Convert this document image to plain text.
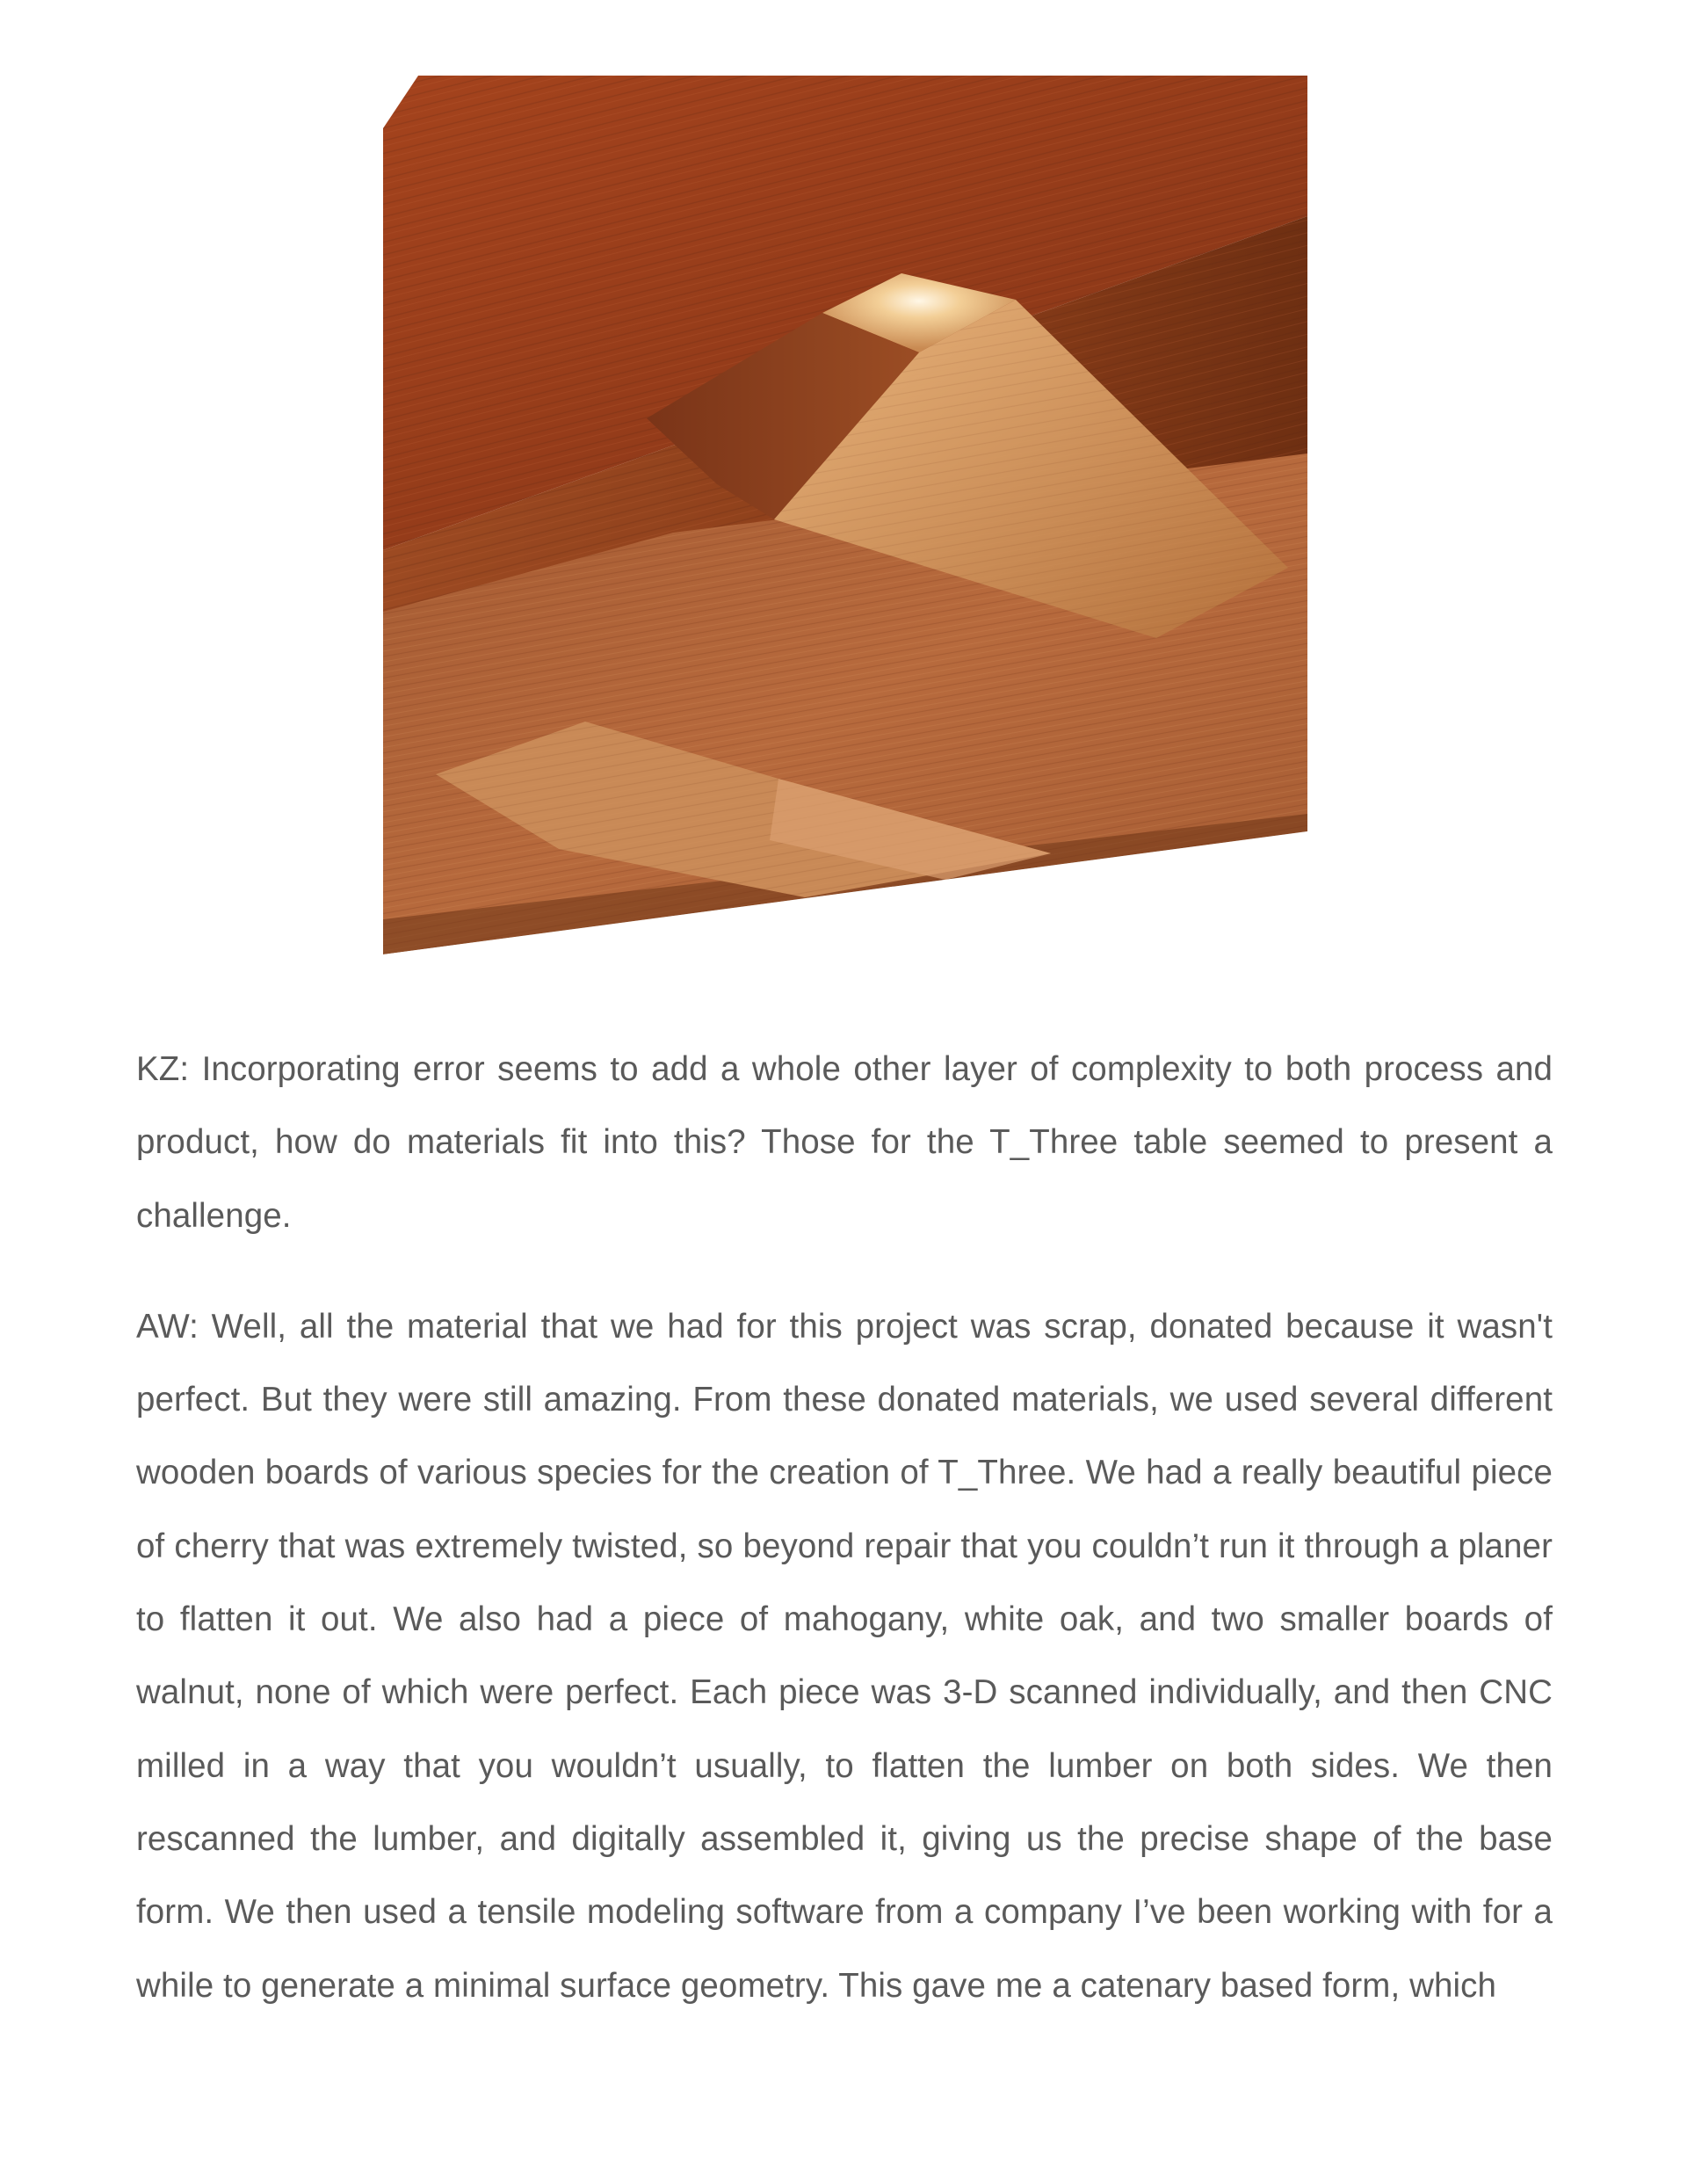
KZ: Incorporating error seems to add a whole other layer of complexity to both process and product, how do materials fit into this? Those for the T_Three table seemed to present a challenge.

AW: Well, all the material that we had for this project was scrap, donated because it wasn't perfect. But they were still amazing. From these donated materials, we used several different wooden boards of various species for the creation of T_Three. We had a really beautiful piece of cherry that was extremely twisted, so beyond repair that you couldn’t run it through a planer to flatten it out. We also had a piece of mahogany, white oak, and two smaller boards of walnut, none of which were perfect. Each piece was 3-D scanned individually, and then CNC milled in a way that you wouldn’t usually, to flatten the lumber on both sides. We then rescanned the lumber, and digitally assembled it, giving us the precise shape of the base form. We then used a tensile modeling software from a company I’ve been working with for a while to generate a minimal surface geometry. This gave me a catenary based form, which
